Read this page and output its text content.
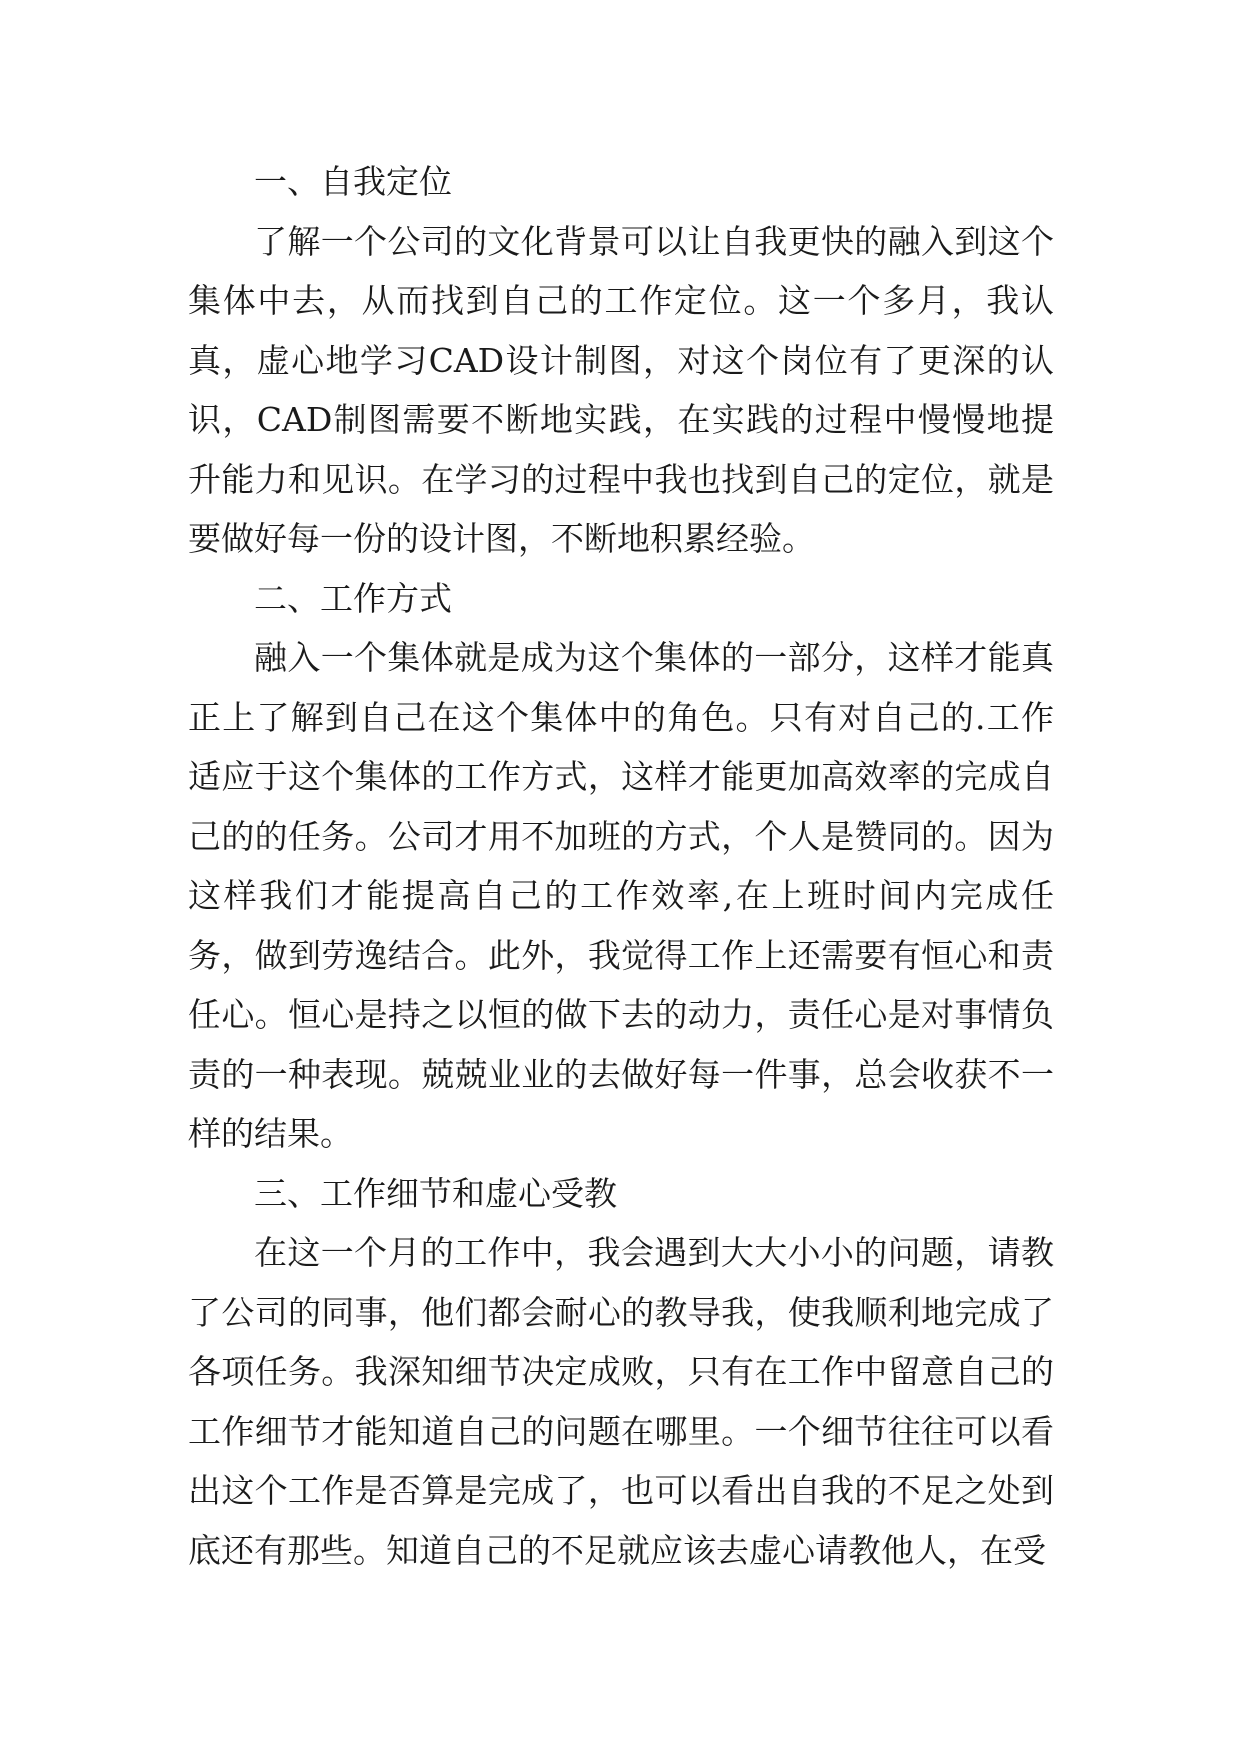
一、自我定位

了解一个公司的文化背景可以让自我更快的融入到这个集体中去，从而找到自己的工作定位。这一个多月，我认真，虚心地学习CAD设计制图，对这个岗位有了更深的认识，CAD制图需要不断地实践，在实践的过程中慢慢地提升能力和见识。在学习的过程中我也找到自己的定位，就是要做好每一份的设计图，不断地积累经验。

二、工作方式

融入一个集体就是成为这个集体的一部分，这样才能真正上了解到自己在这个集体中的角色。只有对自己的.工作适应于这个集体的工作方式，这样才能更加高效率的完成自己的的任务。公司才用不加班的方式，个人是赞同的。因为这样我们才能提高自己的工作效率,在上班时间内完成任务，做到劳逸结合。此外，我觉得工作上还需要有恒心和责任心。恒心是持之以恒的做下去的动力，责任心是对事情负责的一种表现。兢兢业业的去做好每一件事，总会收获不一样的结果。

三、工作细节和虚心受教

在这一个月的工作中，我会遇到大大小小的问题，请教了公司的同事，他们都会耐心的教导我，使我顺利地完成了各项任务。我深知细节决定成败，只有在工作中留意自己的工作细节才能知道自己的问题在哪里。一个细节往往可以看出这个工作是否算是完成了，也可以看出自我的不足之处到底还有那些。知道自己的不足就应该去虚心请教他人，在受
